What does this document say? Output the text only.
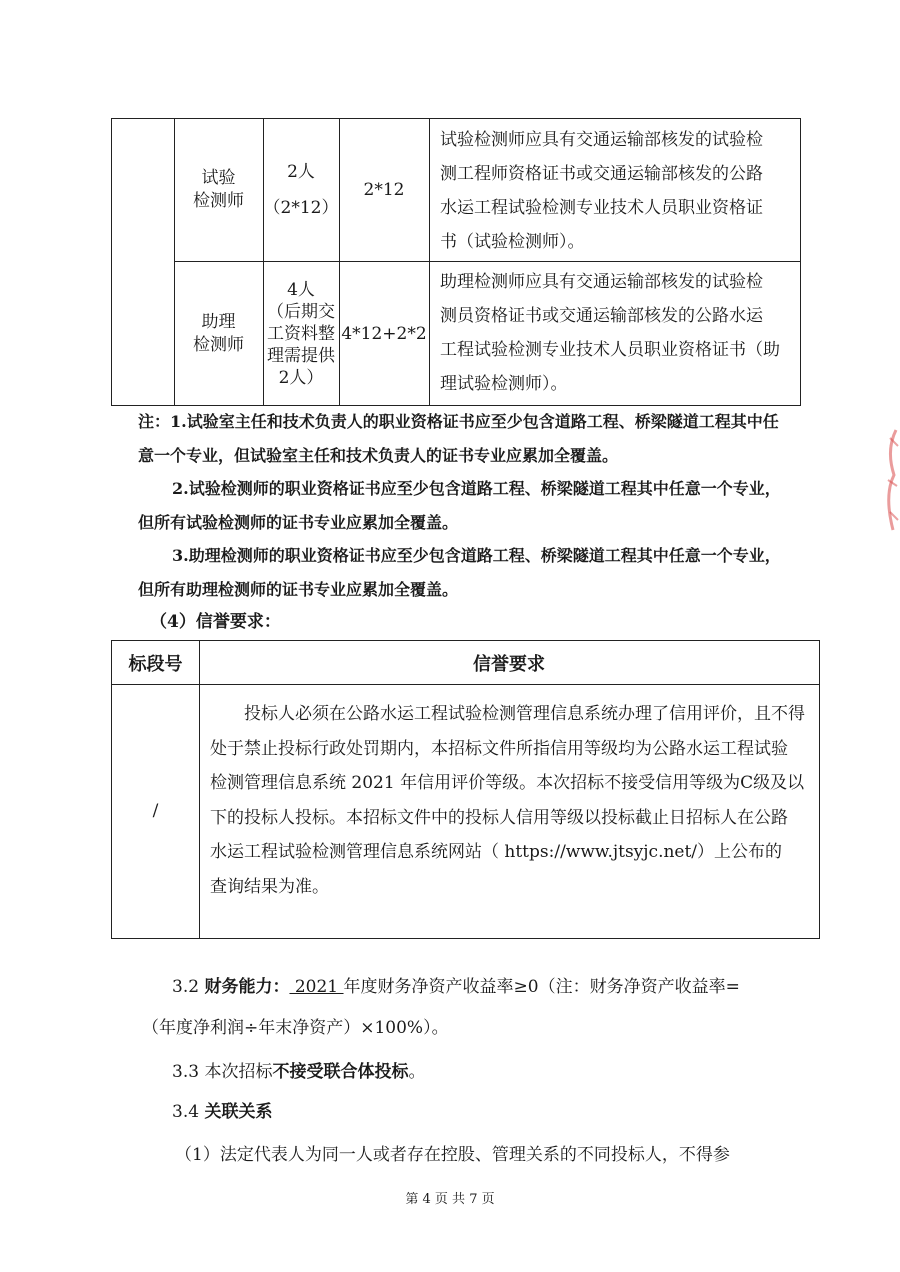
试验
检测师
2人
（2*12）
2*12
试验检测师应具有交通运输部核发的试验检
测工程师资格证书或交通运输部核发的公路
水运工程试验检测专业技术人员职业资格证
书（试验检测师）。
助理
检测师
4人
（后期交
工资料整
理需提供
2人）
4*12+2*2
助理检测师应具有交通运输部核发的试验检
测员资格证书或交通运输部核发的公路水运
工程试验检测专业技术人员职业资格证书（助
理试验检测师）。
注：1.试验室主任和技术负责人的职业资格证书应至少包含道路工程、桥梁隧道工程其中任
意一个专业，但试验室主任和技术负责人的证书专业应累加全覆盖。
2.试验检测师的职业资格证书应至少包含道路工程、桥梁隧道工程其中任意一个专业，
但所有试验检测师的证书专业应累加全覆盖。
3.助理检测师的职业资格证书应至少包含道路工程、桥梁隧道工程其中任意一个专业，
但所有助理检测师的证书专业应累加全覆盖。
（4）信誉要求：
标段号	信誉要求
/
　　投标人必须在公路水运工程试验检测管理信息系统办理了信用评价，且不得
处于禁止投标行政处罚期内，本招标文件所指信用等级均为公路水运工程试验
检测管理信息系统 2021 年信用评价等级。本次招标不接受信用等级为C级及以
下的投标人投标。本招标文件中的投标人信用等级以投标截止日招标人在公路
水运工程试验检测管理信息系统网站（ https://www.jtsyjc.net/）上公布的
查询结果为准。
3.2 财务能力： 2021 年度财务净资产收益率≥0（注：财务净资产收益率=
（年度净利润÷年末净资产）×100%）。
3.3 本次招标不接受联合体投标。
3.4 关联关系
（1）法定代表人为同一人或者存在控股、管理关系的不同投标人，不得参
第 4 页 共 7 页
